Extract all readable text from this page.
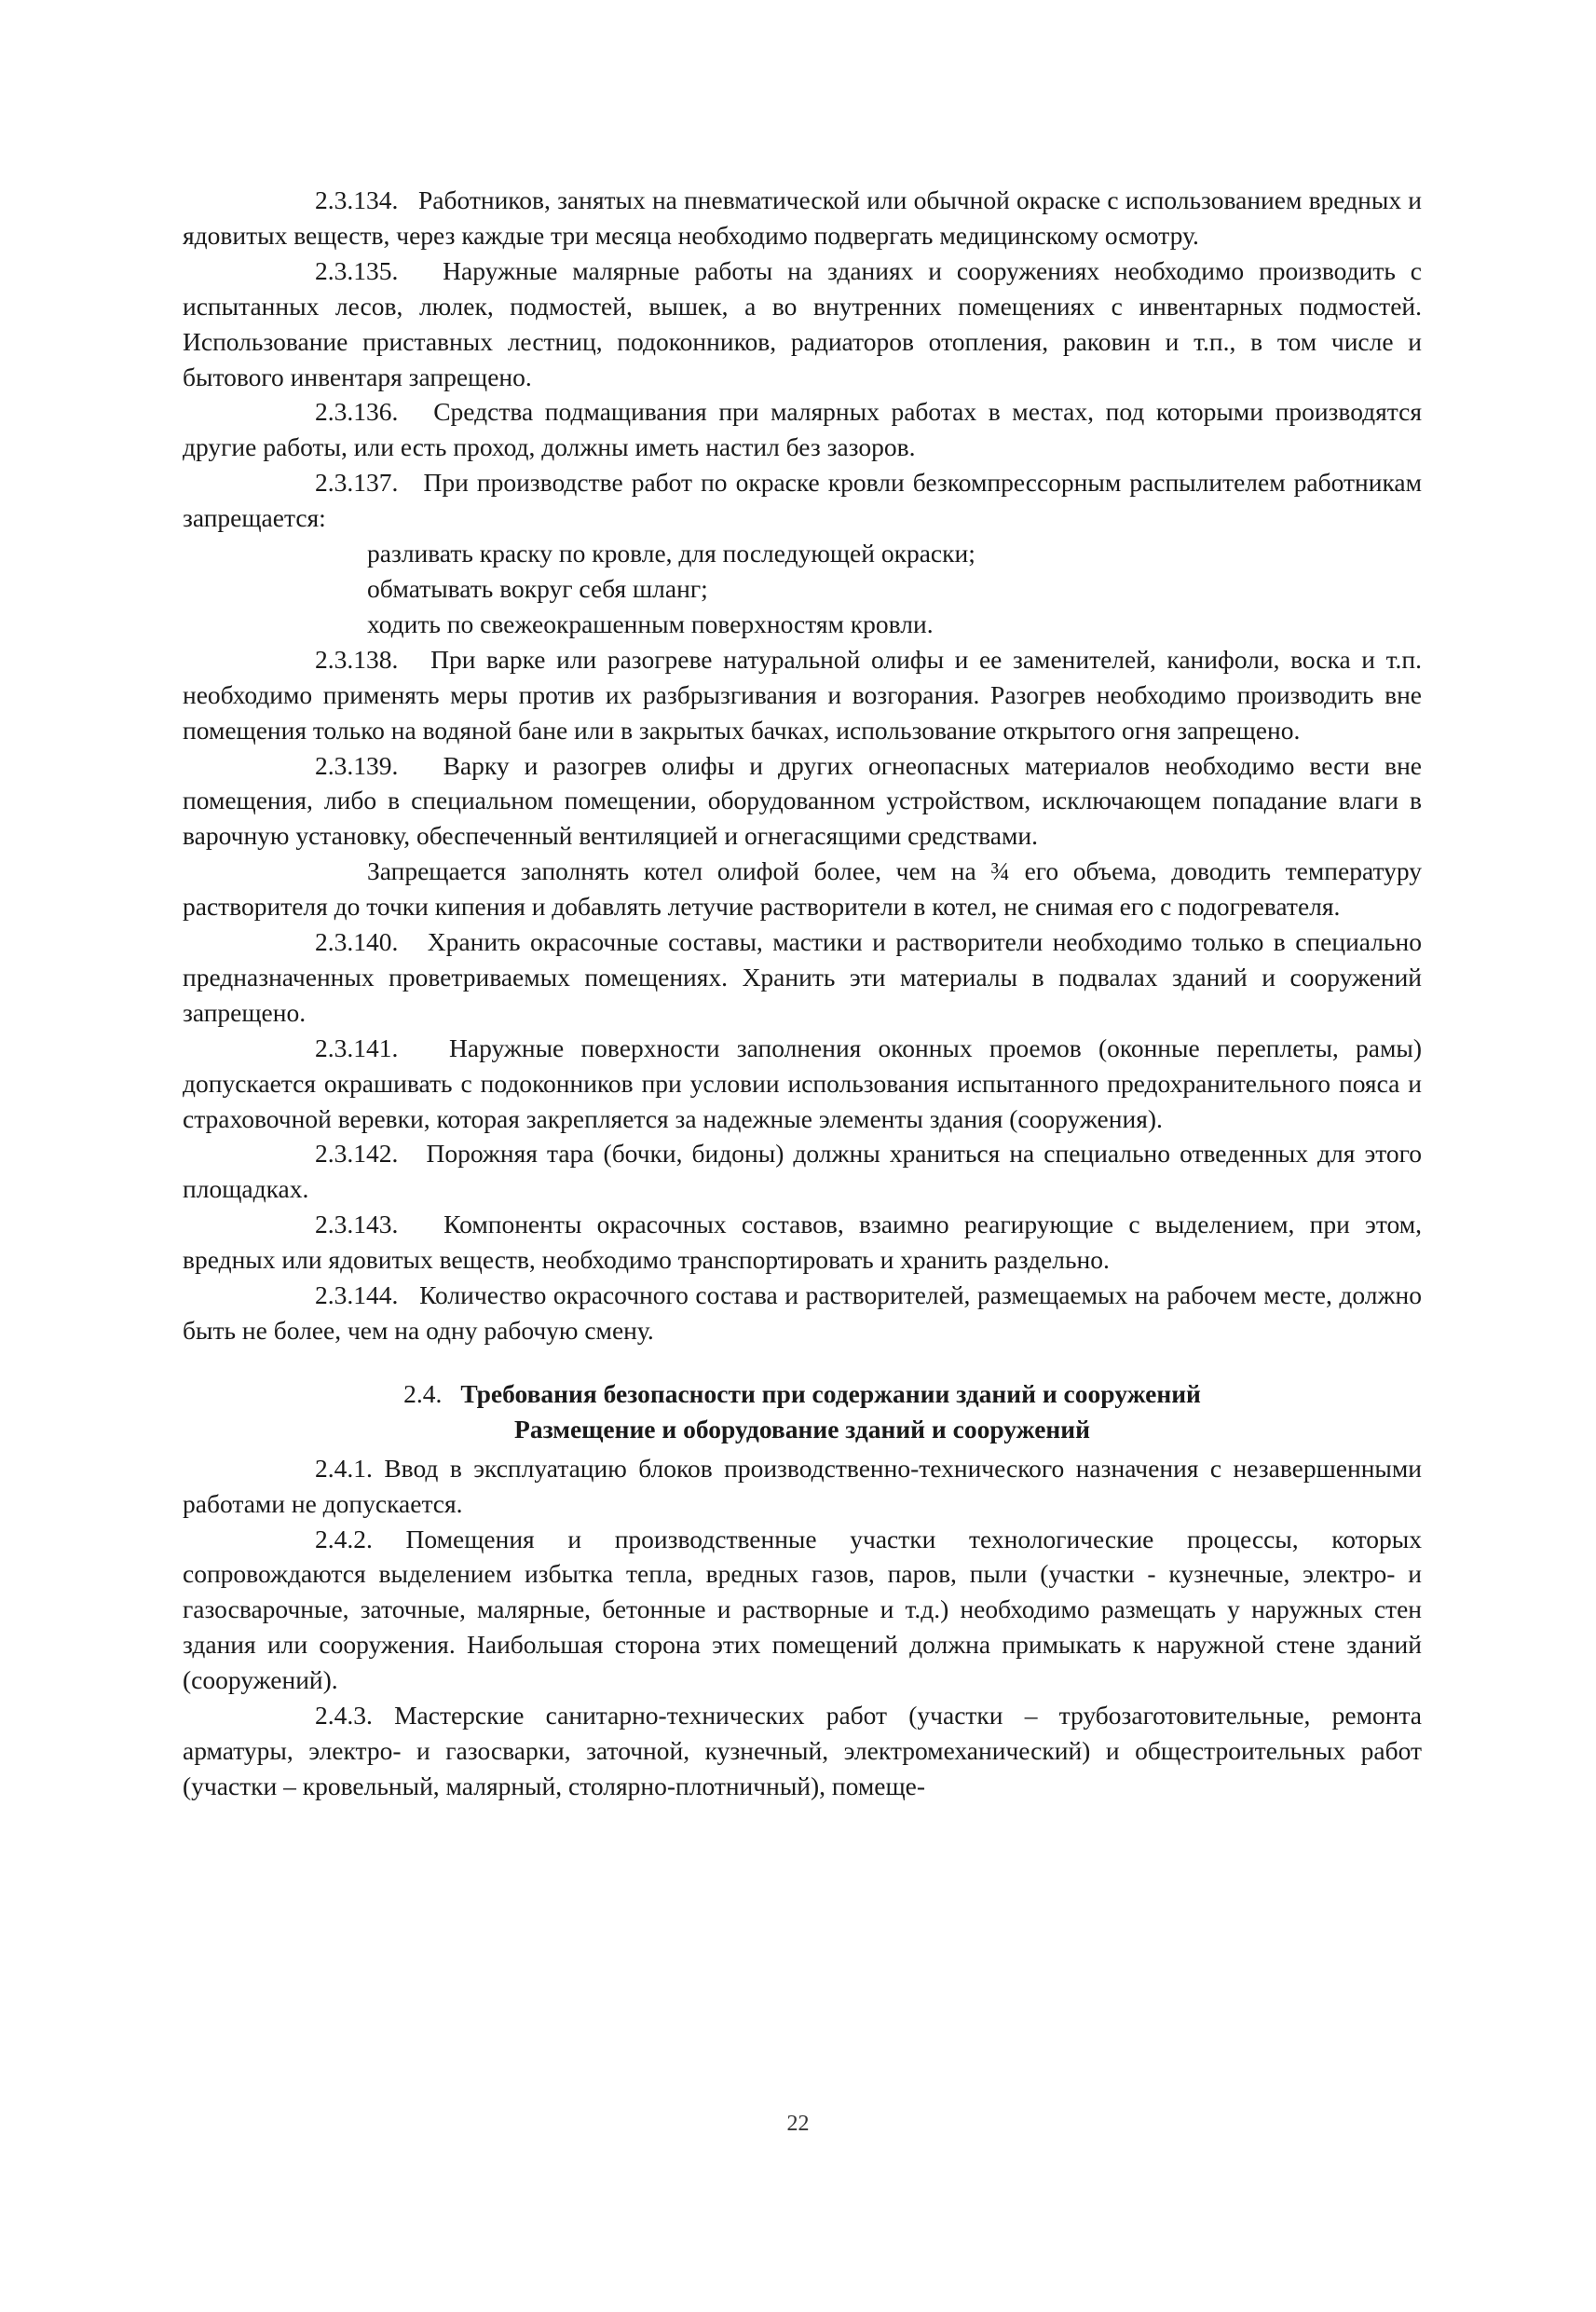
2.3.134. Работников, занятых на пневматической или обычной окраске с использованием вредных и ядовитых веществ, через каждые три месяца необходимо подвергать медицинскому осмотру.

2.3.135. Наружные малярные работы на зданиях и сооружениях необходимо производить с испытанных лесов, люлек, подмостей, вышек, а во внутренних помещениях с инвентарных подмостей. Использование приставных лестниц, подоконников, радиаторов отопления, раковин и т.п., в том числе и бытового инвентаря запрещено.

2.3.136. Средства подмащивания при малярных работах в местах, под которыми производятся другие работы, или есть проход, должны иметь настил без зазоров.

2.3.137. При производстве работ по окраске кровли безкомпрессорным распылителем работникам запрещается:

разливать краску по кровле, для последующей окраски;

обматывать вокруг себя шланг;

ходить по свежеокрашенным поверхностям кровли.

2.3.138. При варке или разогреве натуральной олифы и ее заменителей, канифоли, воска и т.п. необходимо применять меры против их разбрызгивания и возгорания. Разогрев необходимо производить вне помещения только на водяной бане или в закрытых бачках, использование открытого огня запрещено.

2.3.139. Варку и разогрев олифы и других огнеопасных материалов необходимо вести вне помещения, либо в специальном помещении, оборудованном устройством, исключающем попадание влаги в варочную установку, обеспеченный вентиляцией и огнегасящими средствами.

Запрещается заполнять котел олифой более, чем на ¾ его объема, доводить температуру растворителя до точки кипения и добавлять летучие растворители в котел, не снимая его с подогревателя.

2.3.140. Хранить окрасочные составы, мастики и растворители необходимо только в специально предназначенных проветриваемых помещениях. Хранить эти материалы в подвалах зданий и сооружений запрещено.

2.3.141. Наружные поверхности заполнения оконных проемов (оконные переплеты, рамы) допускается окрашивать с подоконников при условии использования испытанного предохранительного пояса и страховочной веревки, которая закрепляется за надежные элементы здания (сооружения).

2.3.142. Порожняя тара (бочки, бидоны) должны храниться на специально отведенных для этого площадках.

2.3.143. Компоненты окрасочных составов, взаимно реагирующие с выделением, при этом, вредных или ядовитых веществ, необходимо транспортировать и хранить раздельно.

2.3.144. Количество окрасочного состава и растворителей, размещаемых на рабочем месте, должно быть не более, чем на одну рабочую смену.

2.4. Требования безопасности при содержании зданий и сооружений
Размещение и оборудование зданий и сооружений

2.4.1. Ввод в эксплуатацию блоков производственно-технического назначения с незавершенными работами не допускается.

2.4.2. Помещения и производственные участки технологические процессы, которых сопровождаются выделением избытка тепла, вредных газов, паров, пыли (участки - кузнечные, электро- и газосварочные, заточные, малярные, бетонные и растворные и т.д.) необходимо размещать у наружных стен здания или сооружения. Наибольшая сторона этих помещений должна примыкать к наружной стене зданий (сооружений).

2.4.3. Мастерские санитарно-технических работ (участки – трубозаготовительные, ремонта арматуры, электро- и газосварки, заточной, кузнечный, электромеханический) и общестроительных работ (участки – кровельный, малярный, столярно-плотничный), помеще-

22
